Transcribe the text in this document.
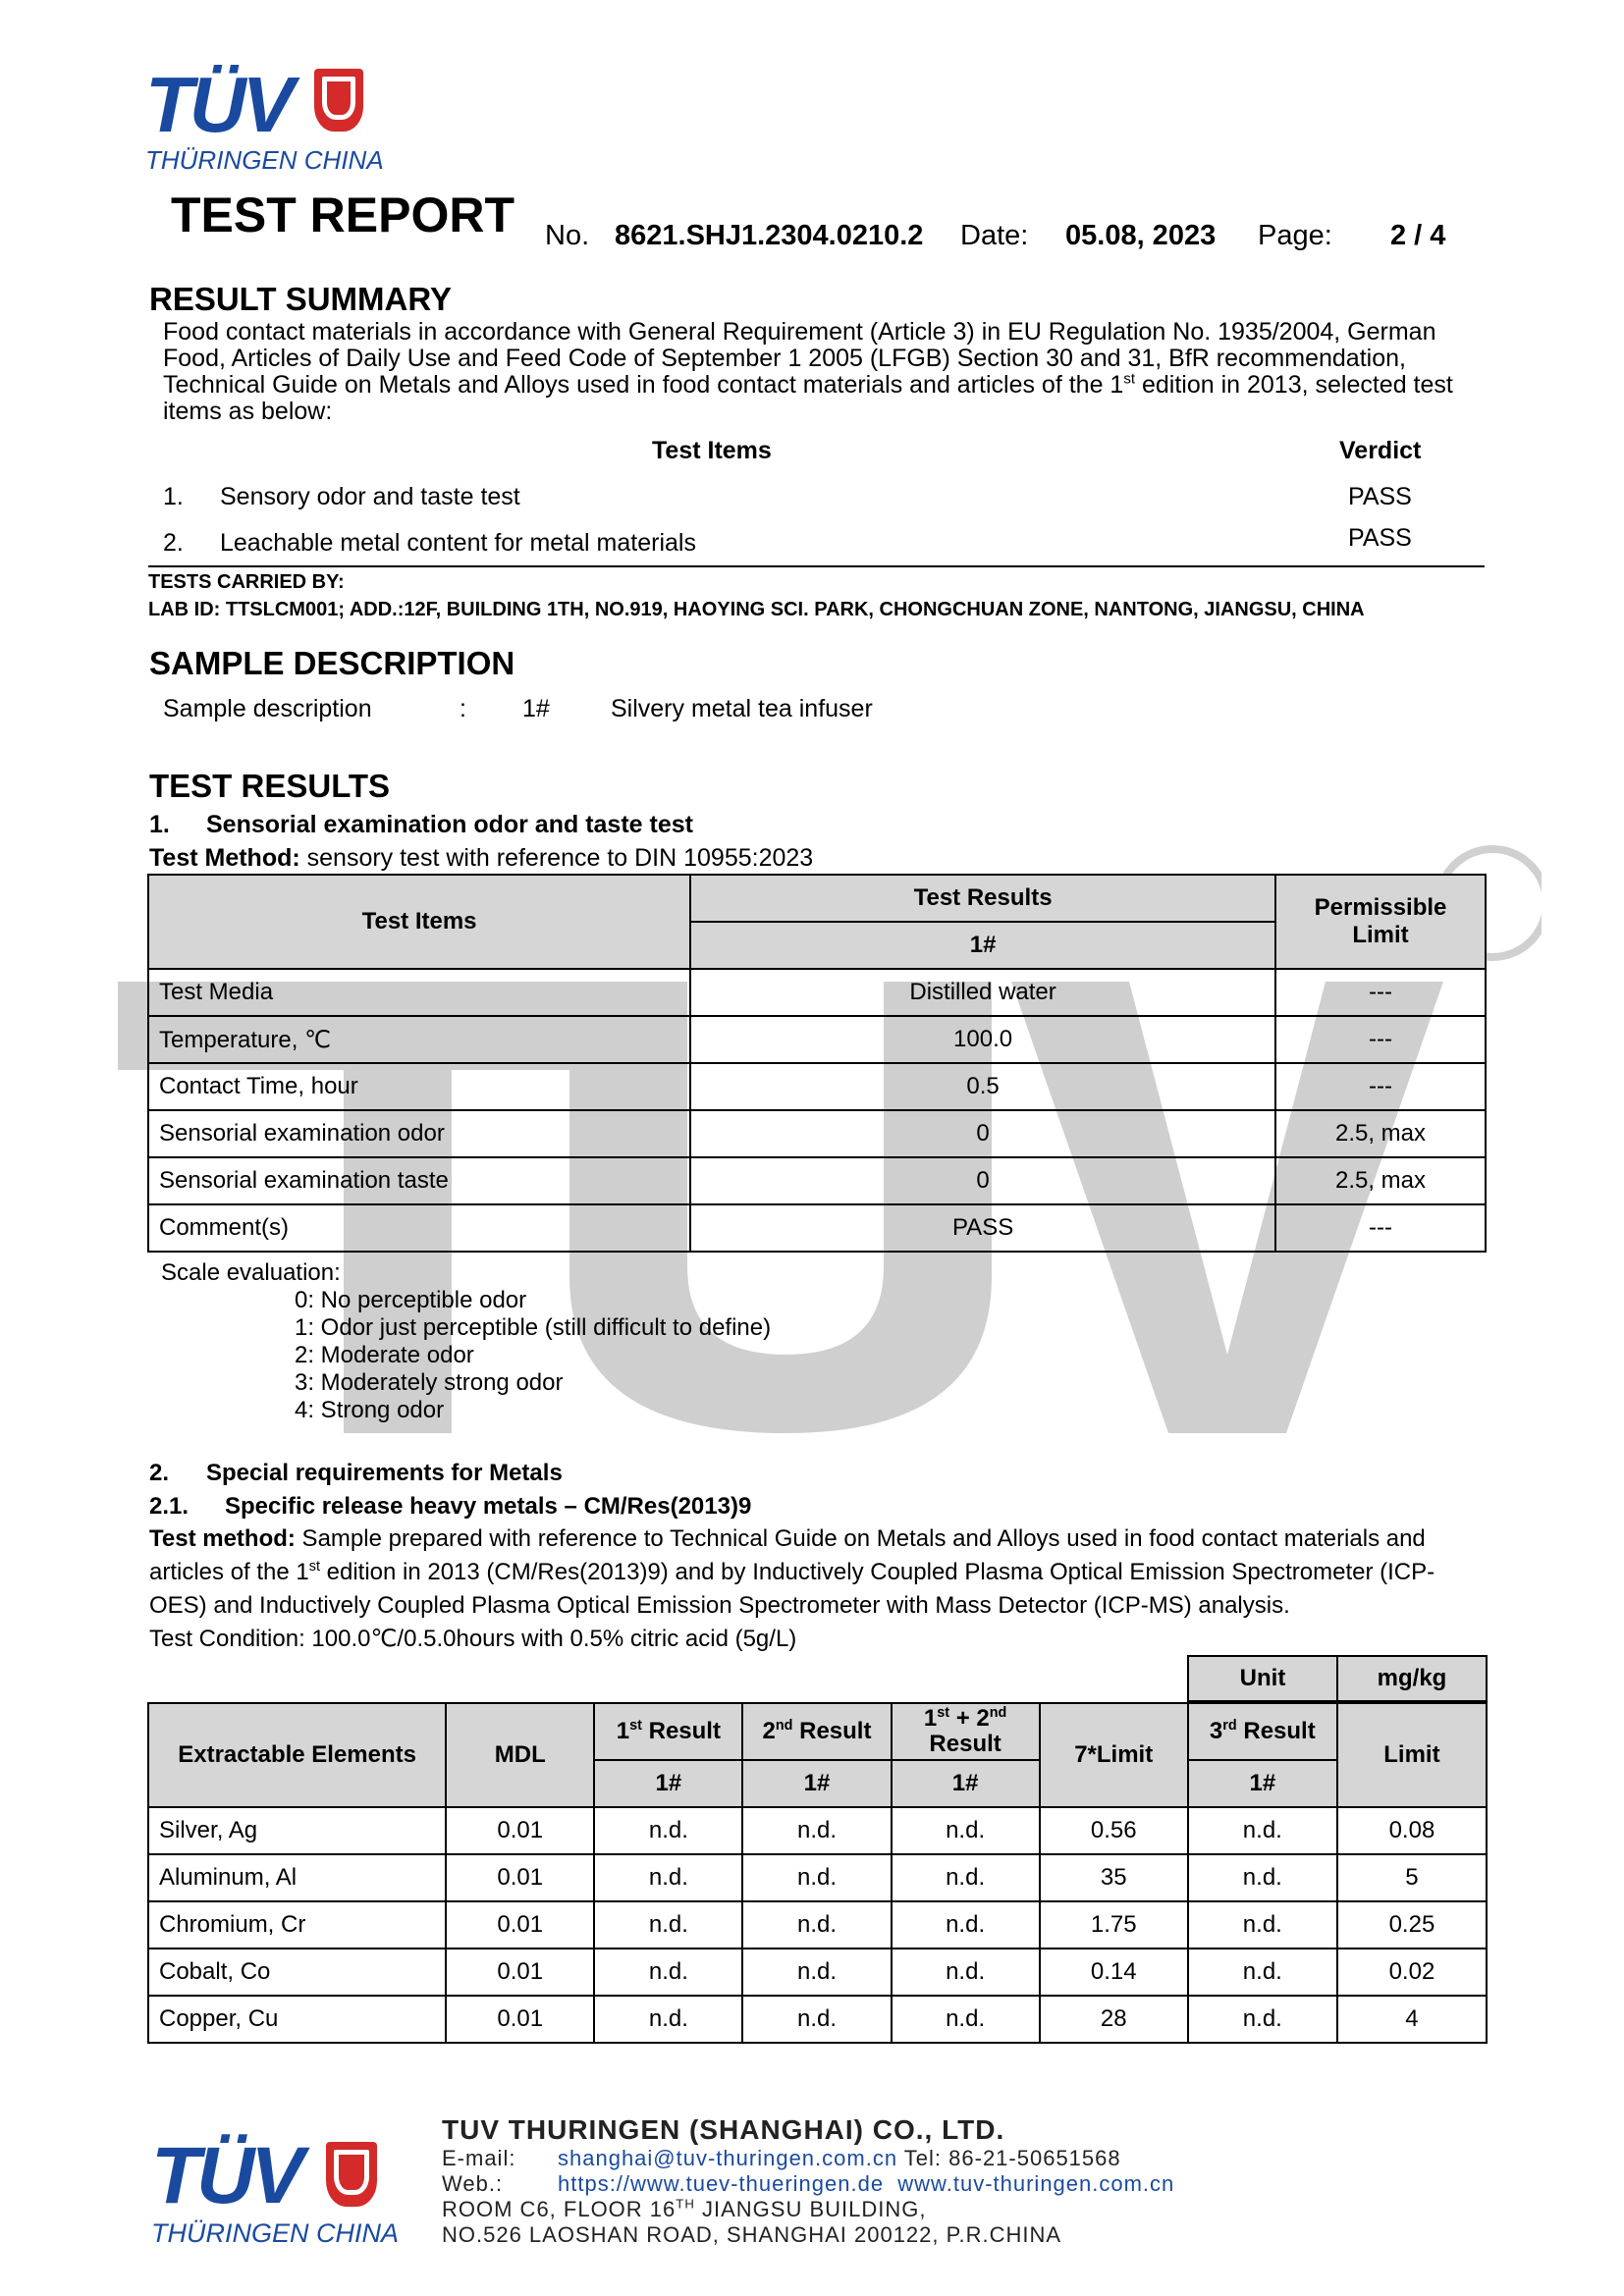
TÜV
THÜRINGEN CHINA
TEST REPORT No. 8621.SHJ1.2304.0210.2 Date: 05.08, 2023 Page: 2 / 4
RESULT SUMMARY
Food contact materials in accordance with General Requirement (Article 3) in EU Regulation No. 1935/2004, German
Food, Articles of Daily Use and Feed Code of September 1 2005 (LFGB) Section 30 and 31, BfR recommendation,
Technical Guide on Metals and Alloys used in food contact materials and articles of the 1st edition in 2013, selected test
items as below:
Test Items	Verdict
1. Sensory odor and taste test	PASS
2. Leachable metal content for metal materials	PASS
TESTS CARRIED BY:
LAB ID: TTSLCM001; ADD.:12F, BUILDING 1TH, NO.919, HAOYING SCI. PARK, CHONGCHUAN ZONE, NANTONG, JIANGSU, CHINA
SAMPLE DESCRIPTION
Sample description	: 1# Silvery metal tea infuser
TEST RESULTS
1. Sensorial examination odor and taste test
Test Method: sensory test with reference to DIN 10955:2023
Test Items	Test Results	Permissible Limit
	1#	
Test Media	Distilled water	---
Temperature, ℃	100.0	---
Contact Time, hour	0.5	---
Sensorial examination odor	0	2.5, max
Sensorial examination taste	0	2.5, max
Comment(s)	PASS	---
Scale evaluation:
0: No perceptible odor
1: Odor just perceptible (still difficult to define)
2: Moderate odor
3: Moderately strong odor
4: Strong odor
2. Special requirements for Metals
2.1. Specific release heavy metals – CM/Res(2013)9
Test method: Sample prepared with reference to Technical Guide on Metals and Alloys used in food contact materials and
articles of the 1st edition in 2013 (CM/Res(2013)9) and by Inductively Coupled Plasma Optical Emission Spectrometer (ICP-
OES) and Inductively Coupled Plasma Optical Emission Spectrometer with Mass Detector (ICP-MS) analysis.
Test Condition: 100.0℃/0.5.0hours with 0.5% citric acid (5g/L)
Unit	mg/kg
Extractable Elements	MDL	1st Result	2nd Result	1st + 2nd
Result	7*Limit	3rd Result	Limit
		1#	1#	1#		1#	
Silver, Ag	0.01	n.d.	n.d.	n.d.	0.56	n.d.	0.08
Aluminum, Al	0.01	n.d.	n.d.	n.d.	35	n.d.	5
Chromium, Cr	0.01	n.d.	n.d.	n.d.	1.75	n.d.	0.25
Cobalt, Co	0.01	n.d.	n.d.	n.d.	0.14	n.d.	0.02
Copper, Cu	0.01	n.d.	n.d.	n.d.	28	n.d.	4
TÜV
THÜRINGEN CHINA
TUV THURINGEN (SHANGHAI) CO., LTD.
E-mail: shanghai@tuv-thuringen.com.cn Tel: 86-21-50651568
Web.:	https://www.tuev-thueringen.de  www.tuv-thuringen.com.cn
ROOM C6, FLOOR 16TH JIANGSU BUILDING,
NO.526 LAOSHAN ROAD, SHANGHAI 200122, P.R.CHINA
